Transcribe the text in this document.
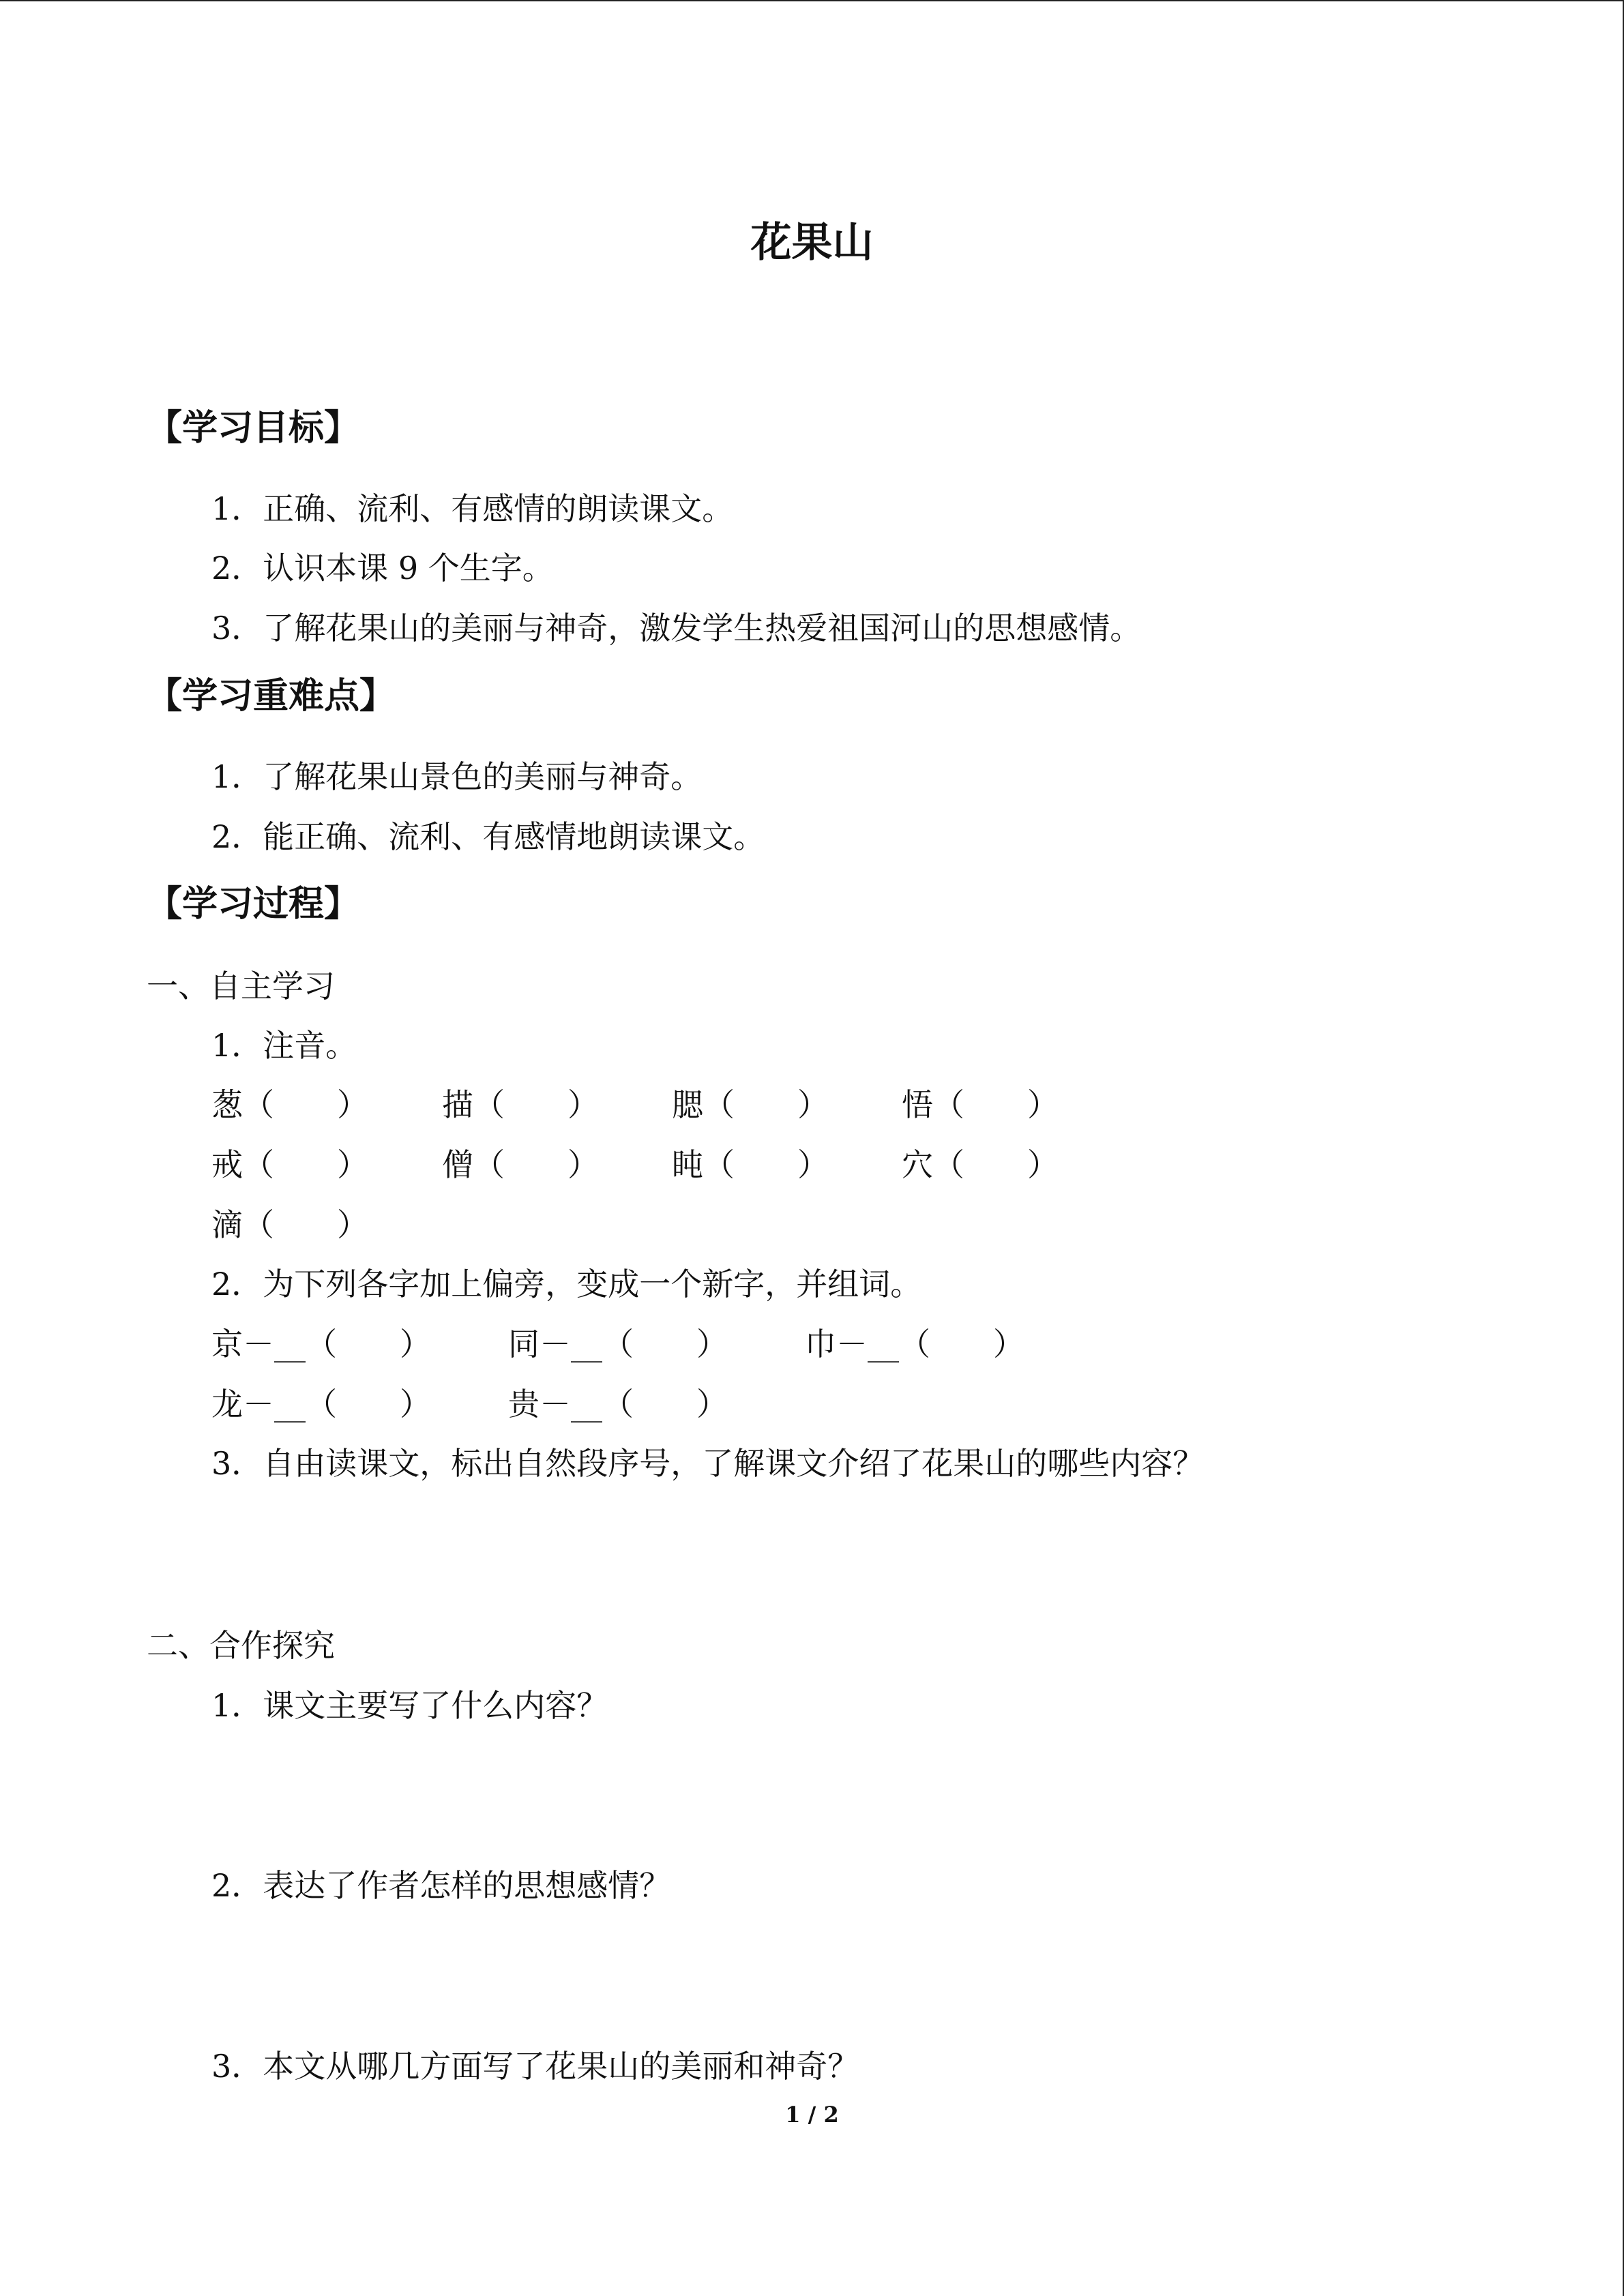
花果山
【学习目标】
1．正确、流利、有感情的朗读课文。
2．认识本课 9 个生字。
3．了解花果山的美丽与神奇，激发学生热爱祖国河山的思想感情。
【学习重难点】
1．了解花果山景色的美丽与神奇。
2．能正确、流利、有感情地朗读课文。
【学习过程】
一、自主学习
1．注音。
葱（　　） 描（　　） 腮（　　） 悟（　　）
戒（　　） 僧（　　） 盹（　　） 穴（　　）
滴（　　）
2．为下列各字加上偏旁，变成一个新字，并组词。
京－__（　　） 同－__（　　） 巾－__（　　）
龙－__（　　） 贵－__（　　）
3．自由读课文，标出自然段序号，了解课文介绍了花果山的哪些内容？
二、合作探究
1．课文主要写了什么内容？
2．表达了作者怎样的思想感情？
3．本文从哪几方面写了花果山的美丽和神奇？
1 / 2
